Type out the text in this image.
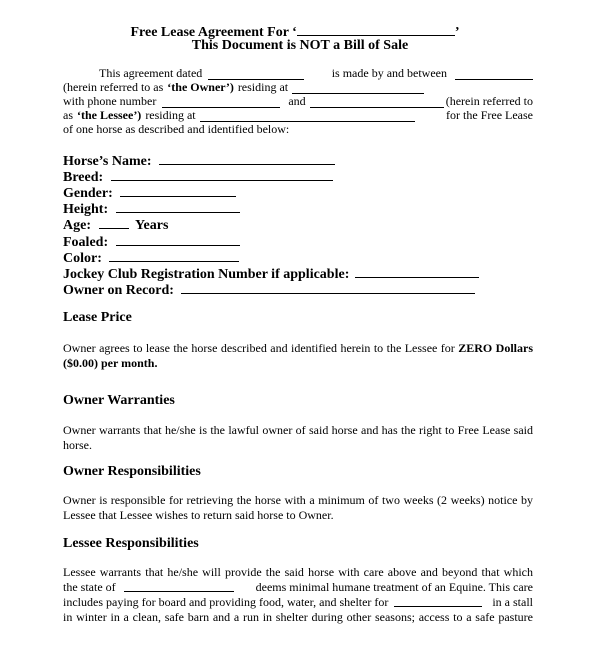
Free Lease Agreement For ‘	’
This Document is NOT a Bill of Sale
This agreement dated	is made by and between
(herein referred to as ‘the Owner’) residing at
with phone number	and	(herein referred to
as ‘the Lessee’) residing at	for the Free Lease
of one horse as described and identified below:
Horse’s Name:
Breed:
Gender:
Height:
Age:	Years
Foaled:
Color:
Jockey Club Registration Number if applicable:
Owner on Record:
Lease Price
Owner agrees to lease the horse described and identified herein to the Lessee for ZERO Dollars
($0.00) per month.
Owner Warranties
Owner warrants that he/she is the lawful owner of said horse and has the right to Free Lease said
horse.
Owner Responsibilities
Owner is responsible for retrieving the horse with a minimum of two weeks (2 weeks) notice by
Lessee that Lessee wishes to return said horse to Owner.
Lessee Responsibilities
Lessee warrants that he/she will provide the said horse with care above and beyond that which
the state of	deems minimal humane treatment of an Equine. This care
includes paying for board and providing food, water, and shelter for	in a stall
in winter in a clean, safe barn and a run in shelter during other seasons; access to a safe pasture
